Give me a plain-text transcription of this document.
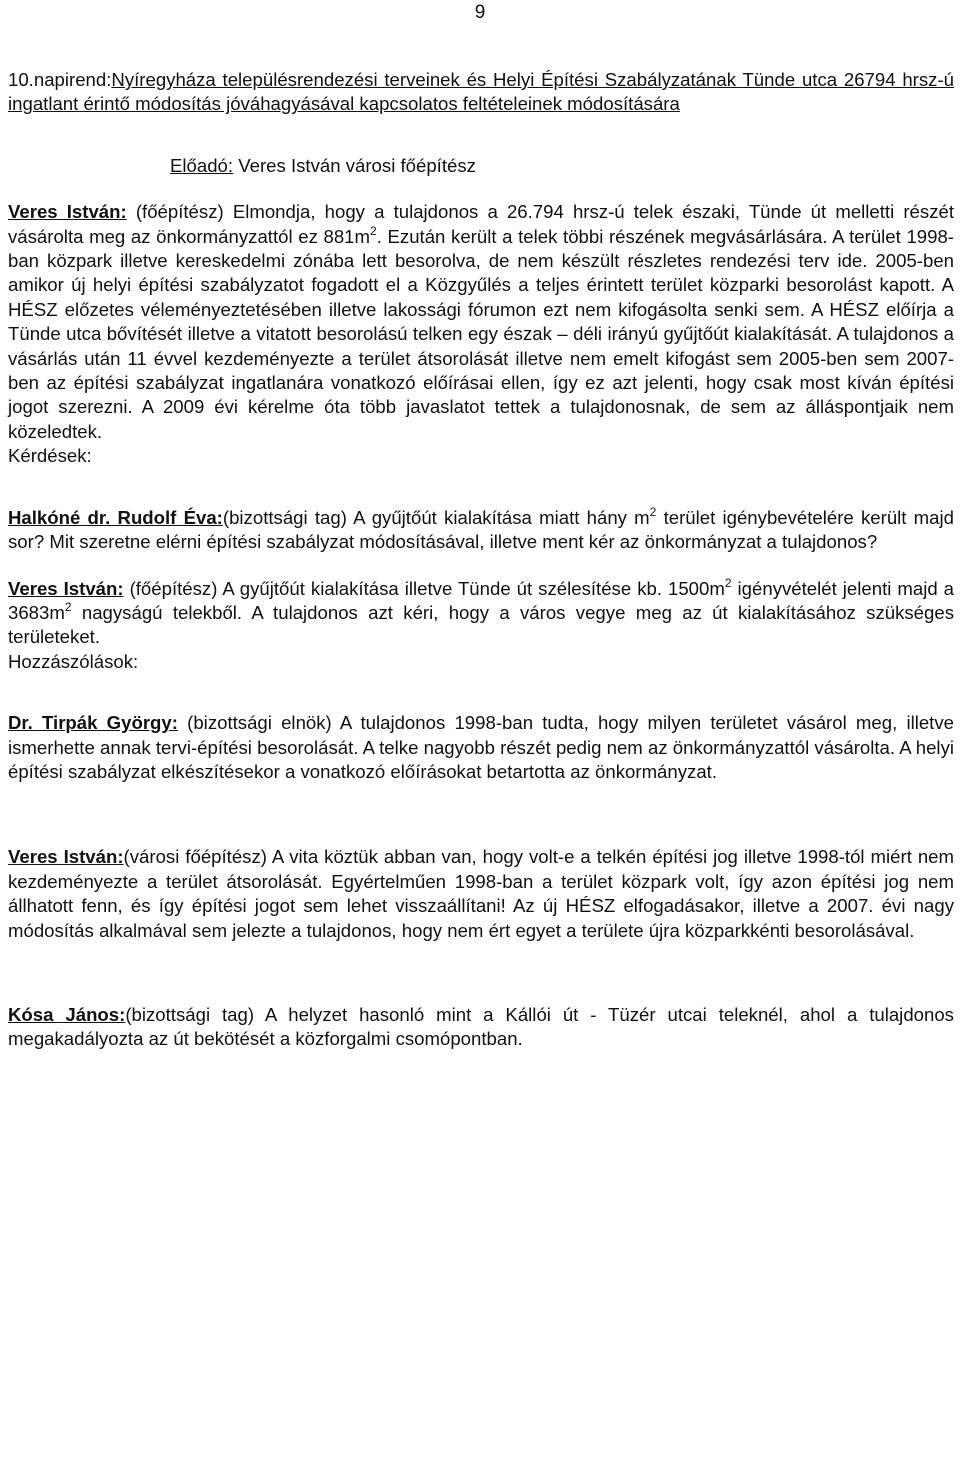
9

10.napirend:Nyíregyháza településrendezési terveinek és Helyi Építési Szabályzatának Tünde utca 26794 hrsz-ú ingatlant érintő módosítás jóváhagyásával kapcsolatos feltételeinek módosítására

Előadó: Veres István városi főépítész

Veres István: (főépítész) Elmondja, hogy a tulajdonos a 26.794 hrsz-ú telek északi, Tünde út melletti részét vásárolta meg az önkormányzattól ez $881m^2$. Ezután került a telek többi részének megvásárlására. A terület 1998-ban közpark illetve kereskedelmi zónába lett besorolva, de nem készült részletes rendezési terv ide. 2005-ben amikor új helyi építési szabályzatot fogadott el a Közgyűlés a teljes érintett terület közparki besorolást kapott. A HÉSZ előzetes véleményeztetésében illetve lakossági fórumon ezt nem kifogásolta senki sem. A HÉSZ előírja a Tünde utca bővítését illetve a vitatott besorolású telken egy észak – déli irányú gyűjtőút kialakítását. A tulajdonos a vásárlás után 11 évvel kezdeményezte a terület átsorolását illetve nem emelt kifogást sem 2005-ben sem 2007-ben az építési szabályzat ingatlanára vonatkozó előírásai ellen, így ez azt jelenti, hogy csak most kíván építési jogot szerezni. A 2009 évi kérelme óta több javaslatot tettek a tulajdonosnak, de sem az álláspontjaik nem közeledtek.

Kérdések:

Halkóné dr. Rudolf Éva:(bizottsági tag) A gyűjtőút kialakítása miatt hány $m^2$ terület igénybevételére került majd sor? Mit szeretne elérni építési szabályzat módosításával, illetve ment kér az önkormányzat a tulajdonos?

Veres István: (főépítész) A gyűjtőút kialakítása illetve Tünde út szélesítése kb. $1500m^2$ igényvételét jelenti majd a $3683m^2$ nagyságú telekből. A tulajdonos azt kéri, hogy a város vegye meg az út kialakításához szükséges területeket.

Hozzászólások:

Dr. Tirpák György: (bizottsági elnök) A tulajdonos 1998-ban tudta, hogy milyen területet vásárol meg, illetve ismerhette annak tervi-építési besorolását. A telke nagyobb részét pedig nem az önkormányzattól vásárolta. A helyi építési szabályzat elkészítésekor a vonatkozó előírásokat betartotta az önkormányzat.

Veres István:(városi főépítész) A vita köztük abban van, hogy volt-e a telkén építési jog illetve 1998-tól miért nem kezdeményezte a terület átsorolását. Egyértelműen 1998-ban a terület közpark volt, így azon építési jog nem állhatott fenn, és így építési jogot sem lehet visszaállítani! Az új HÉSZ elfogadásakor, illetve a 2007. évi nagy módosítás alkalmával sem jelezte a tulajdonos, hogy nem ért egyet a területe újra közparkkénti besorolásával.

Kósa János:(bizottsági tag) A helyzet hasonló mint a Kállói út - Tüzér utcai teleknél, ahol a tulajdonos megakadályozta az út bekötését a közforgalmi csomópontban.
